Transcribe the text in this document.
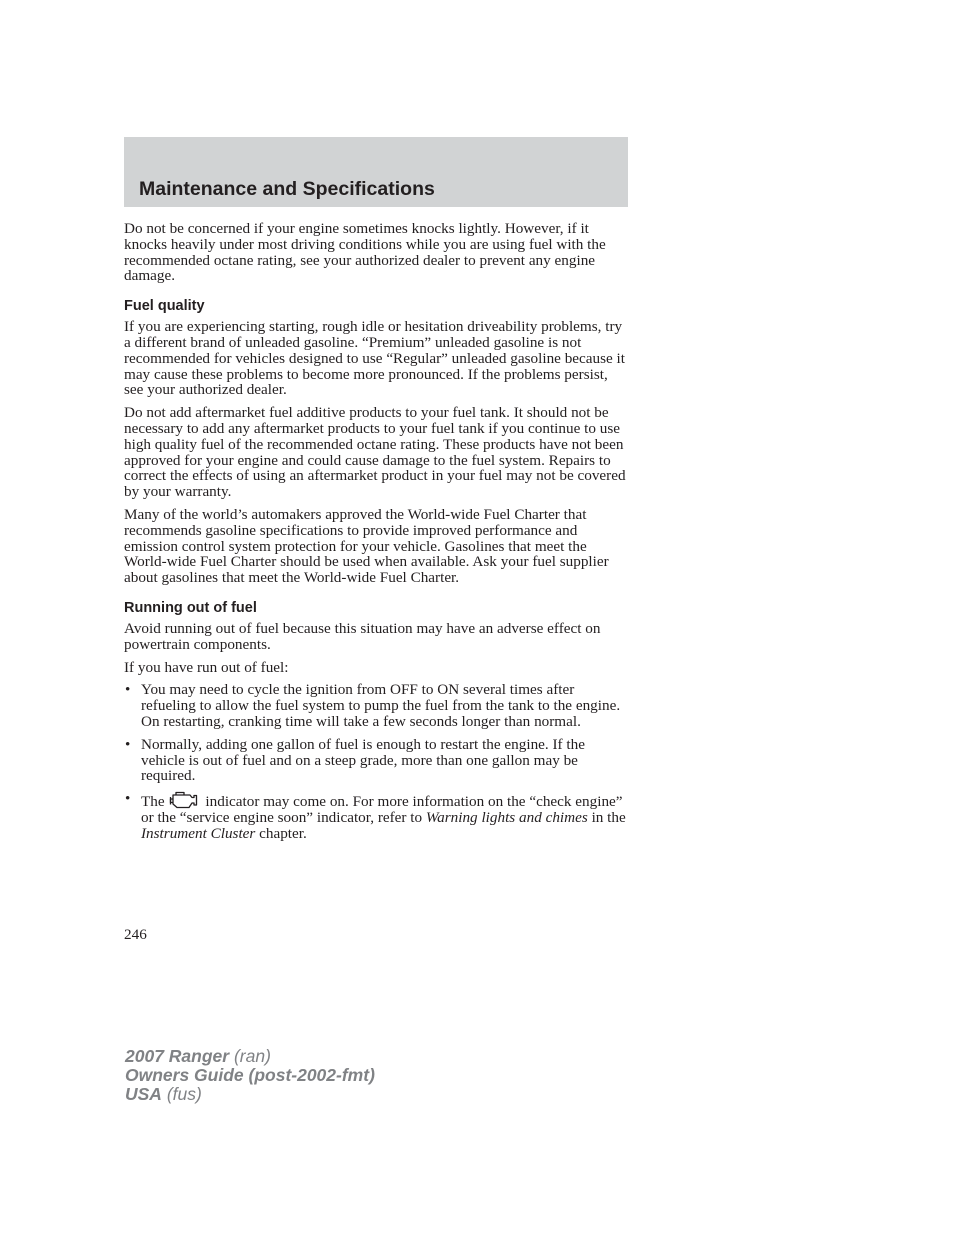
Maintenance and Specifications

Do not be concerned if your engine sometimes knocks lightly. However, if it knocks heavily under most driving conditions while you are using fuel with the recommended octane rating, see your authorized dealer to prevent any engine damage.

Fuel quality

If you are experiencing starting, rough idle or hesitation driveability problems, try a different brand of unleaded gasoline. “Premium” unleaded gasoline is not recommended for vehicles designed to use “Regular” unleaded gasoline because it may cause these problems to become more pronounced. If the problems persist, see your authorized dealer.

Do not add aftermarket fuel additive products to your fuel tank. It should not be necessary to add any aftermarket products to your fuel tank if you continue to use high quality fuel of the recommended octane rating. These products have not been approved for your engine and could cause damage to the fuel system. Repairs to correct the effects of using an aftermarket product in your fuel may not be covered by your warranty.

Many of the world’s automakers approved the World-wide Fuel Charter that recommends gasoline specifications to provide improved performance and emission control system protection for your vehicle. Gasolines that meet the World-wide Fuel Charter should be used when available. Ask your fuel supplier about gasolines that meet the World-wide Fuel Charter.

Running out of fuel

Avoid running out of fuel because this situation may have an adverse effect on powertrain components.

If you have run out of fuel:

• You may need to cycle the ignition from OFF to ON several times after refueling to allow the fuel system to pump the fuel from the tank to the engine. On restarting, cranking time will take a few seconds longer than normal.
• Normally, adding one gallon of fuel is enough to restart the engine. If the vehicle is out of fuel and on a steep grade, more than one gallon may be required.
• The	indicator may come on. For more information on the “check engine” or the “service engine soon” indicator, refer to Warning lights and chimes in the Instrument Cluster chapter.
246
2007 Ranger (ran)
Owners Guide (post-2002-fmt)
USA (fus)
